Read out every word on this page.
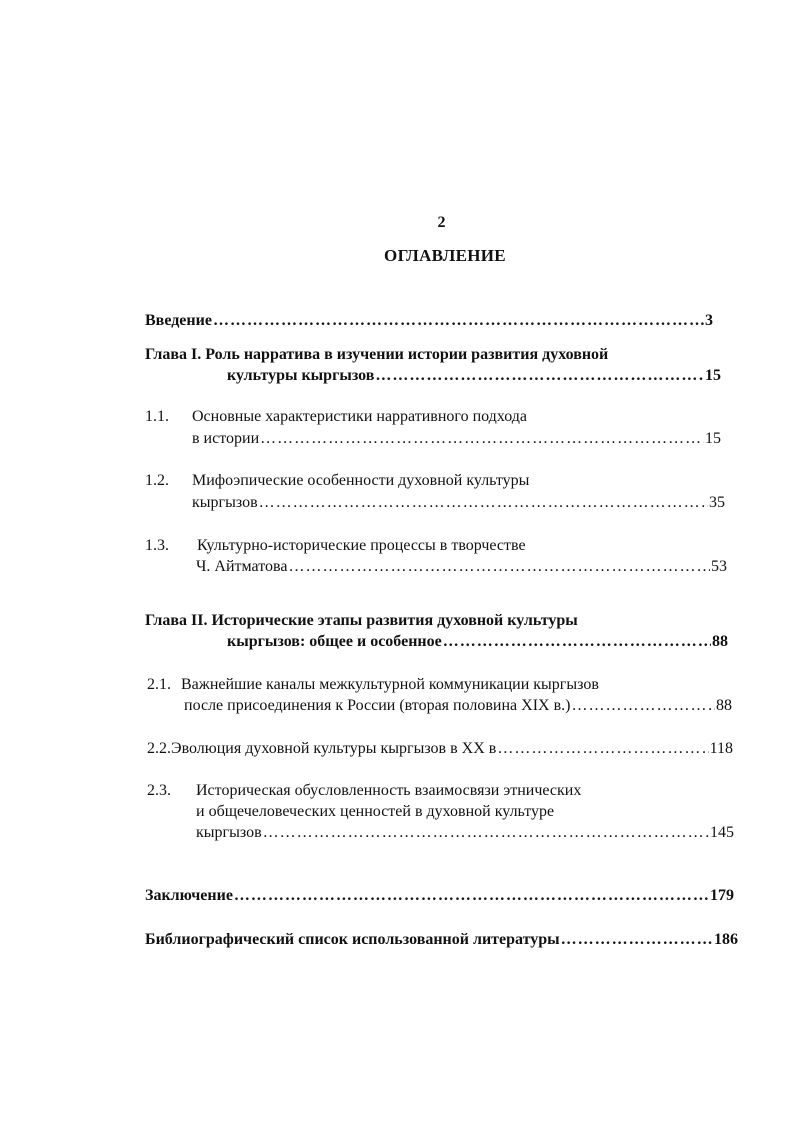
2
ОГЛАВЛЕНИЕ
Введение …………………………………………………………………………………………………………………………………………………………………………………………………………………………	3
Глава I. Роль нарратива в изучении истории развития духовной
культуры кыргызов …………………………………………………………………………………………………………………………………………………………………………………………………………………………	15
1.1. Основные характеристики нарративного подхода
в истории …………………………………………………………………………………………………………………………………………………………………………………………………………………………	15
1.2. Мифоэпические особенности духовной культуры
кыргызов …………………………………………………………………………………………………………………………………………………………………………………………………………………………	35
1.3. Культурно-исторические процессы в творчестве
Ч. Айтматова …………………………………………………………………………………………………………………………………………………………………………………………………………………………	53
Глава II. Исторические этапы развития духовной культуры
кыргызов: общее и особенное …………………………………………………………………………………………………………………………………………………………………………………………………………………………	88
2.1. Важнейшие каналы межкультурной коммуникации кыргызов
после присоединения к России (вторая половина XIX в.) …………………………………………………………………………………………………………………………………………………………………………………………………………………………	88
2.2. Эволюция духовной культуры кыргызов в XX в …………………………………………………………………………………………………………………………………………………………………………………………………………………………	118
2.3. Историческая обусловленность взаимосвязи этнических
и общечеловеческих ценностей в духовной культуре
кыргызов …………………………………………………………………………………………………………………………………………………………………………………………………………………………	145
Заключение …………………………………………………………………………………………………………………………………………………………………………………………………………………………	179
Библиографический список использованной литературы …………………………………………………………………………………………………………………………………………………………………………………………………………………………	186
